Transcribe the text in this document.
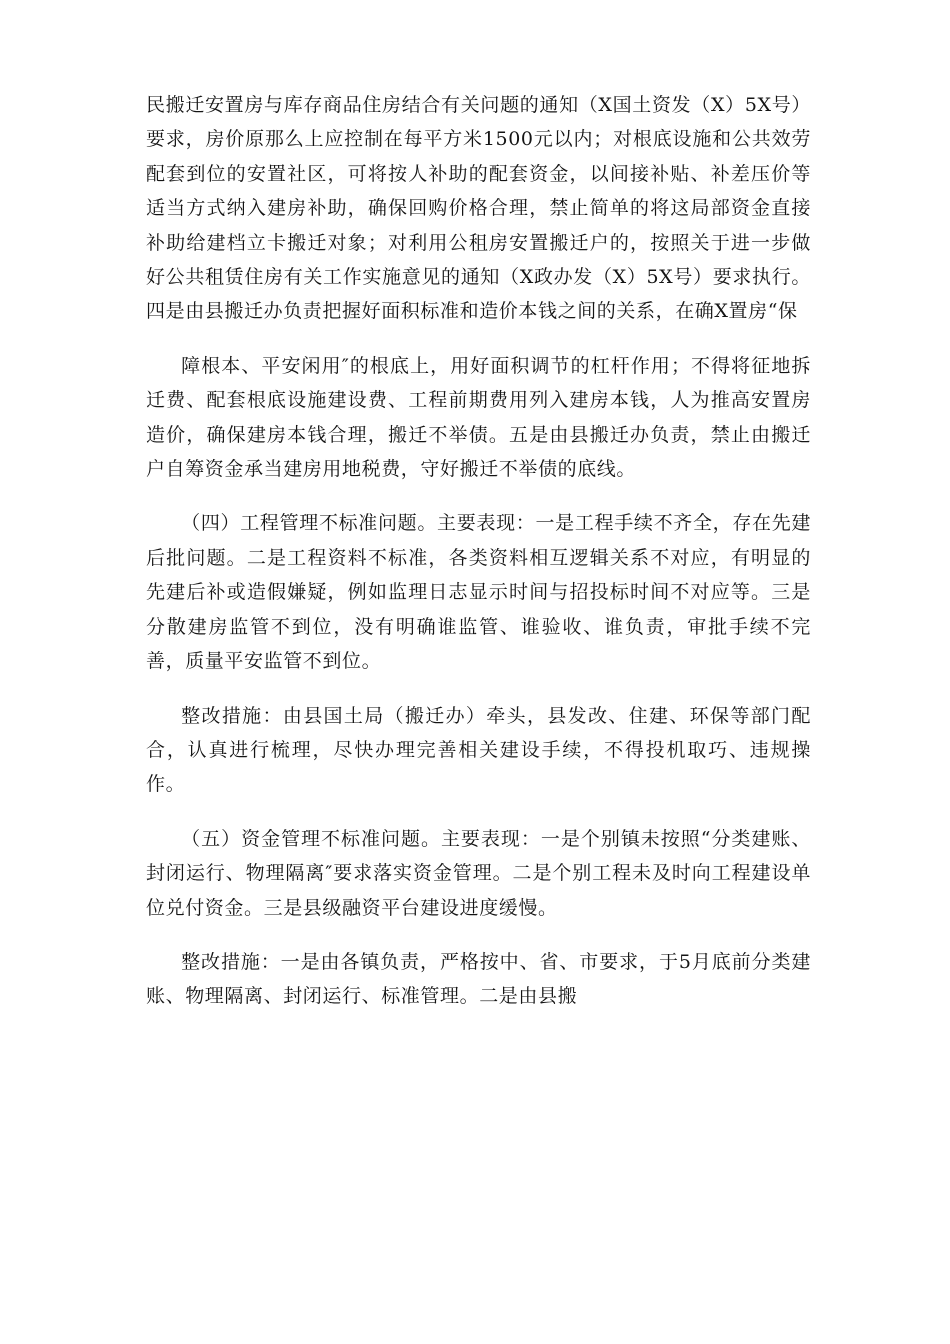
民搬迁安置房与库存商品住房结合有关问题的通知（X国土资发（X）5X号）要求，房价原那么上应控制在每平方米1500元以内；对根底设施和公共效劳配套到位的安置社区，可将按人补助的配套资金，以间接补贴、补差压价等适当方式纳入建房补助，确保回购价格合理，禁止简单的将这局部资金直接补助给建档立卡搬迁对象；对利用公租房安置搬迁户的，按照关于进一步做好公共租赁住房有关工作实施意见的通知（X政办发（X）5X号）要求执行。四是由县搬迁办负责把握好面积标准和造价本钱之间的关系，在确X置房“保

障根本、平安闲用″的根底上，用好面积调节的杠杆作用；不得将征地拆迁费、配套根底设施建设费、工程前期费用列入建房本钱，人为推高安置房造价，确保建房本钱合理，搬迁不举债。五是由县搬迁办负责，禁止由搬迁户自筹资金承当建房用地税费，守好搬迁不举债的底线。

（四）工程管理不标准问题。主要表现：一是工程手续不齐全，存在先建后批问题。二是工程资料不标准，各类资料相互逻辑关系不对应，有明显的先建后补或造假嫌疑，例如监理日志显示时间与招投标时间不对应等。三是分散建房监管不到位，没有明确谁监管、谁验收、谁负责，审批手续不完善，质量平安监管不到位。

整改措施：由县国土局（搬迁办）牵头，县发改、住建、环保等部门配合，认真进行梳理，尽快办理完善相关建设手续，不得投机取巧、违规操作。

（五）资金管理不标准问题。主要表现：一是个别镇未按照“分类建账、封闭运行、物理隔离″要求落实资金管理。二是个别工程未及时向工程建设单位兑付资金。三是县级融资平台建设进度缓慢。

整改措施：一是由各镇负责，严格按中、省、市要求，于5月底前分类建账、物理隔离、封闭运行、标准管理。二是由县搬
